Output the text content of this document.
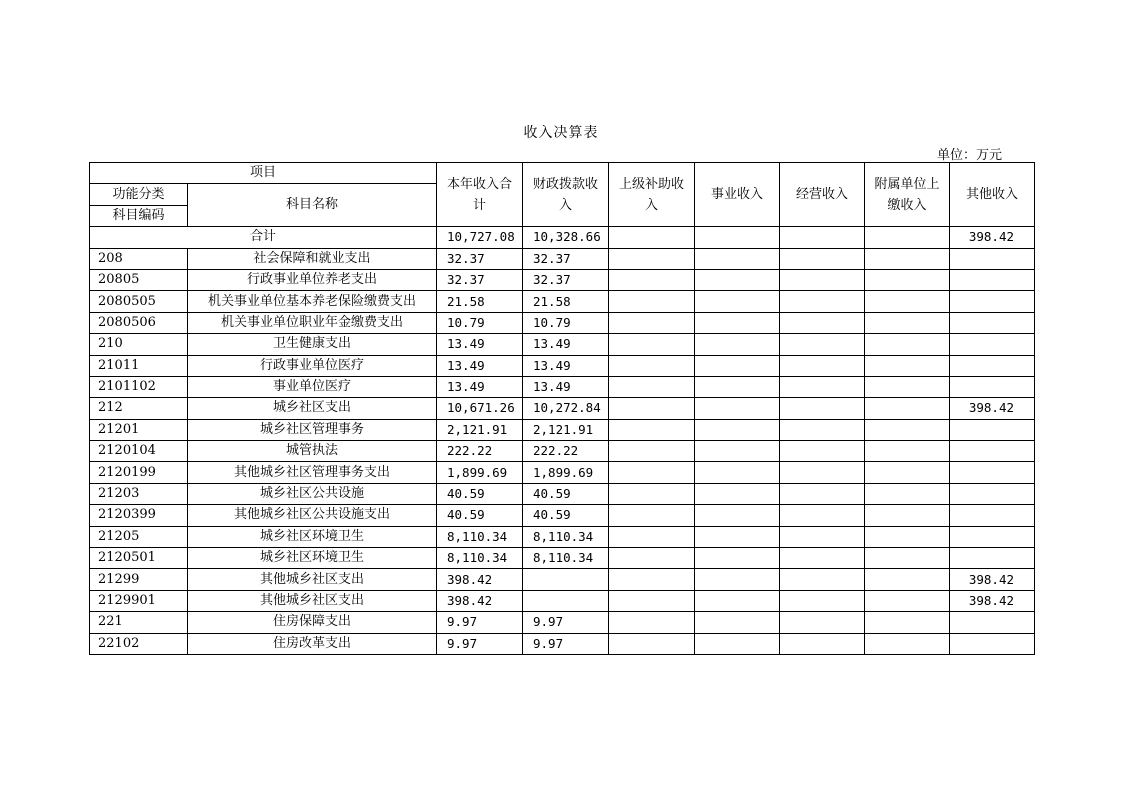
收入决算表
单位：万元
项目		本年收入合计	财政拨款收入	上级补助收入	事业收入	经营收入	附属单位上缴收入	其他收入
功能分类	科目名称							
科目编码								
合计		10,727.08	10,328.66					398.42
208	社会保障和就业支出	32.37	32.37					
20805	行政事业单位养老支出	32.37	32.37					
2080505	机关事业单位基本养老保险缴费支出	21.58	21.58					
2080506	机关事业单位职业年金缴费支出	10.79	10.79					
210	卫生健康支出	13.49	13.49					
21011	行政事业单位医疗	13.49	13.49					
2101102	事业单位医疗	13.49	13.49					
212	城乡社区支出	10,671.26	10,272.84					398.42
21201	城乡社区管理事务	2,121.91	2,121.91					
2120104	城管执法	222.22	222.22					
2120199	其他城乡社区管理事务支出	1,899.69	1,899.69					
21203	城乡社区公共设施	40.59	40.59					
2120399	其他城乡社区公共设施支出	40.59	40.59					
21205	城乡社区环境卫生	8,110.34	8,110.34					
2120501	城乡社区环境卫生	8,110.34	8,110.34					
21299	其他城乡社区支出	398.42						398.42
2129901	其他城乡社区支出	398.42						398.42
221	住房保障支出	9.97	9.97					
22102	住房改革支出	9.97	9.97					
